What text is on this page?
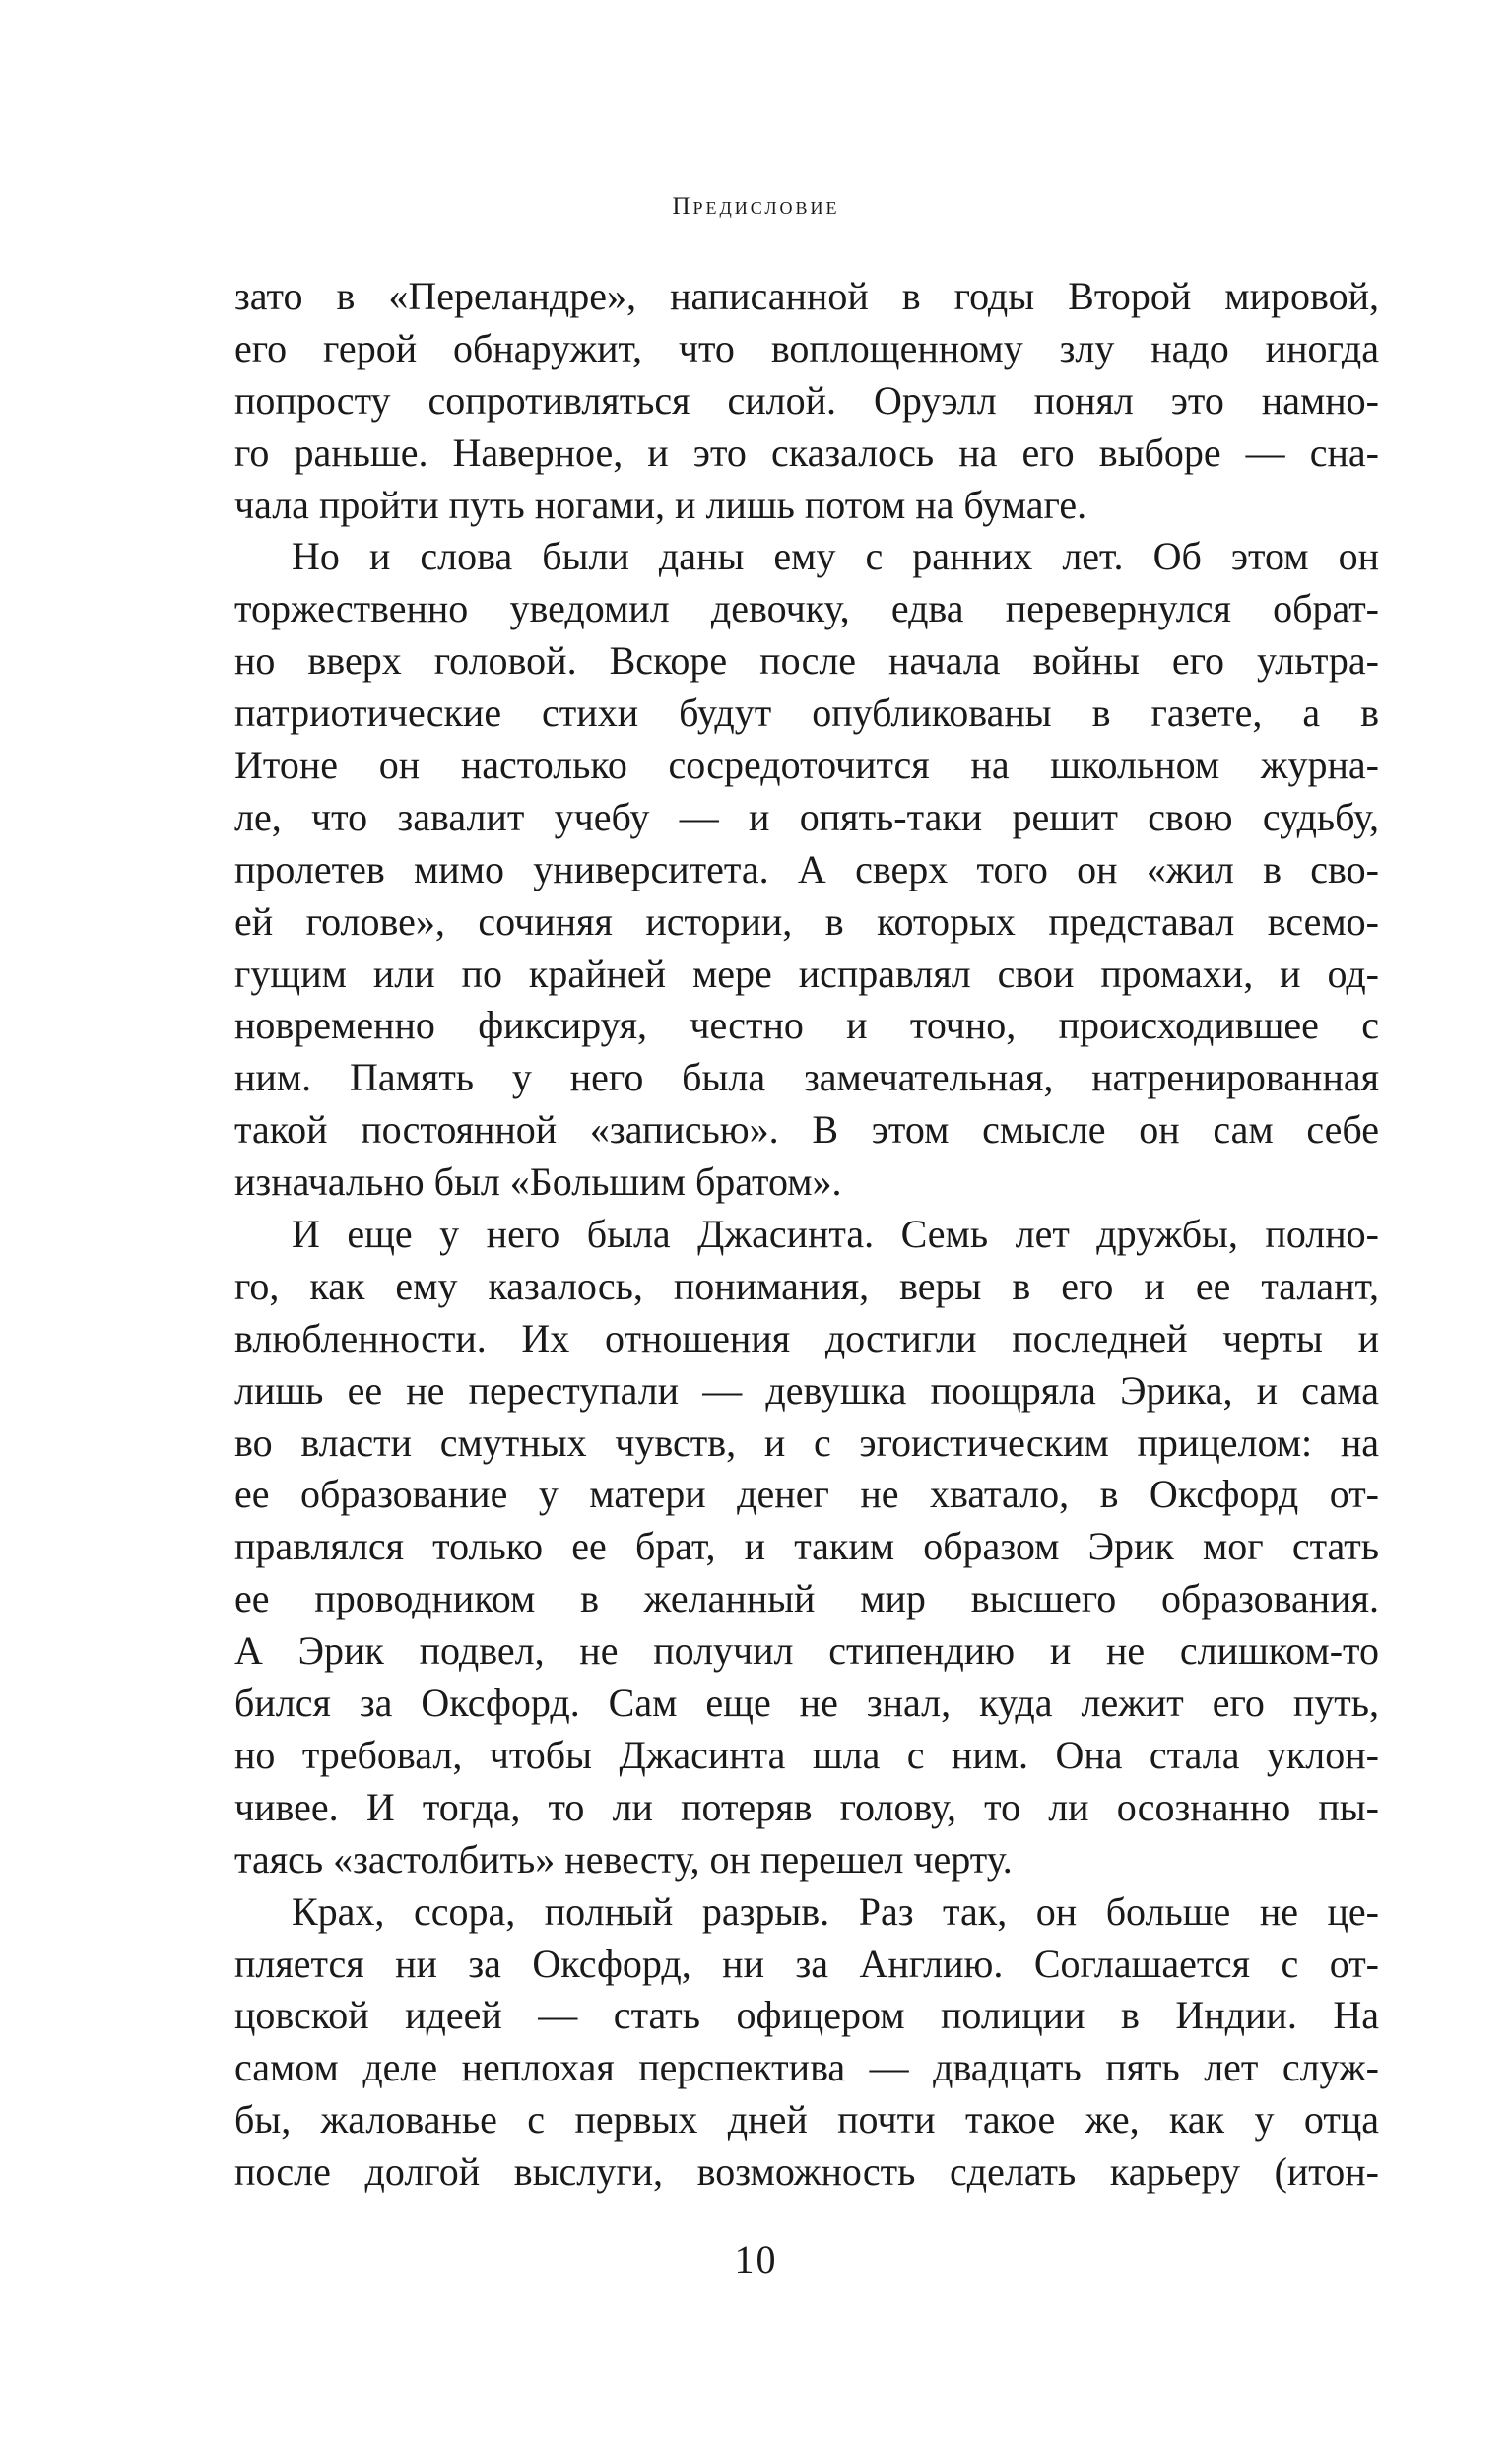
Предисловие
зато в «Переландре», написанной в годы Второй мировой,
его герой обнаружит, что воплощенному злу надо иногда
попросту сопротивляться силой. Оруэлл понял это намно-
го раньше. Наверное, и это сказалось на его выборе — сна-
чала пройти путь ногами, и лишь потом на бумаге.
Но и слова были даны ему с ранних лет. Об этом он
торжественно уведомил девочку, едва перевернулся обрат-
но вверх головой. Вскоре после начала войны его ультра-
патриотические стихи будут опубликованы в газете, а в
Итоне он настолько сосредоточится на школьном журна-
ле, что завалит учебу — и опять-таки решит свою судьбу,
пролетев мимо университета. А сверх того он «жил в сво-
ей голове», сочиняя истории, в которых представал всемо-
гущим или по крайней мере исправлял свои промахи, и од-
новременно фиксируя, честно и точно, происходившее с
ним. Память у него была замечательная, натренированная
такой постоянной «записью». В этом смысле он сам себе
изначально был «Большим братом».
И еще у него была Джасинта. Семь лет дружбы, полно-
го, как ему казалось, понимания, веры в его и ее талант,
влюбленности. Их отношения достигли последней черты и
лишь ее не переступали — девушка поощряла Эрика, и сама
во власти смутных чувств, и с эгоистическим прицелом: на
ее образование у матери денег не хватало, в Оксфорд от-
правлялся только ее брат, и таким образом Эрик мог стать
ее проводником в желанный мир высшего образования.
А Эрик подвел, не получил стипендию и не слишком-то
бился за Оксфорд. Сам еще не знал, куда лежит его путь,
но требовал, чтобы Джасинта шла с ним. Она стала уклон-
чивее. И тогда, то ли потеряв голову, то ли осознанно пы-
таясь «застолбить» невесту, он перешел черту.
Крах, ссора, полный разрыв. Раз так, он больше не це-
пляется ни за Оксфорд, ни за Англию. Соглашается с от-
цовской идеей — стать офицером полиции в Индии. На
самом деле неплохая перспектива — двадцать пять лет служ-
бы, жалованье с первых дней почти такое же, как у отца
после долгой выслуги, возможность сделать карьеру (итон-
10
